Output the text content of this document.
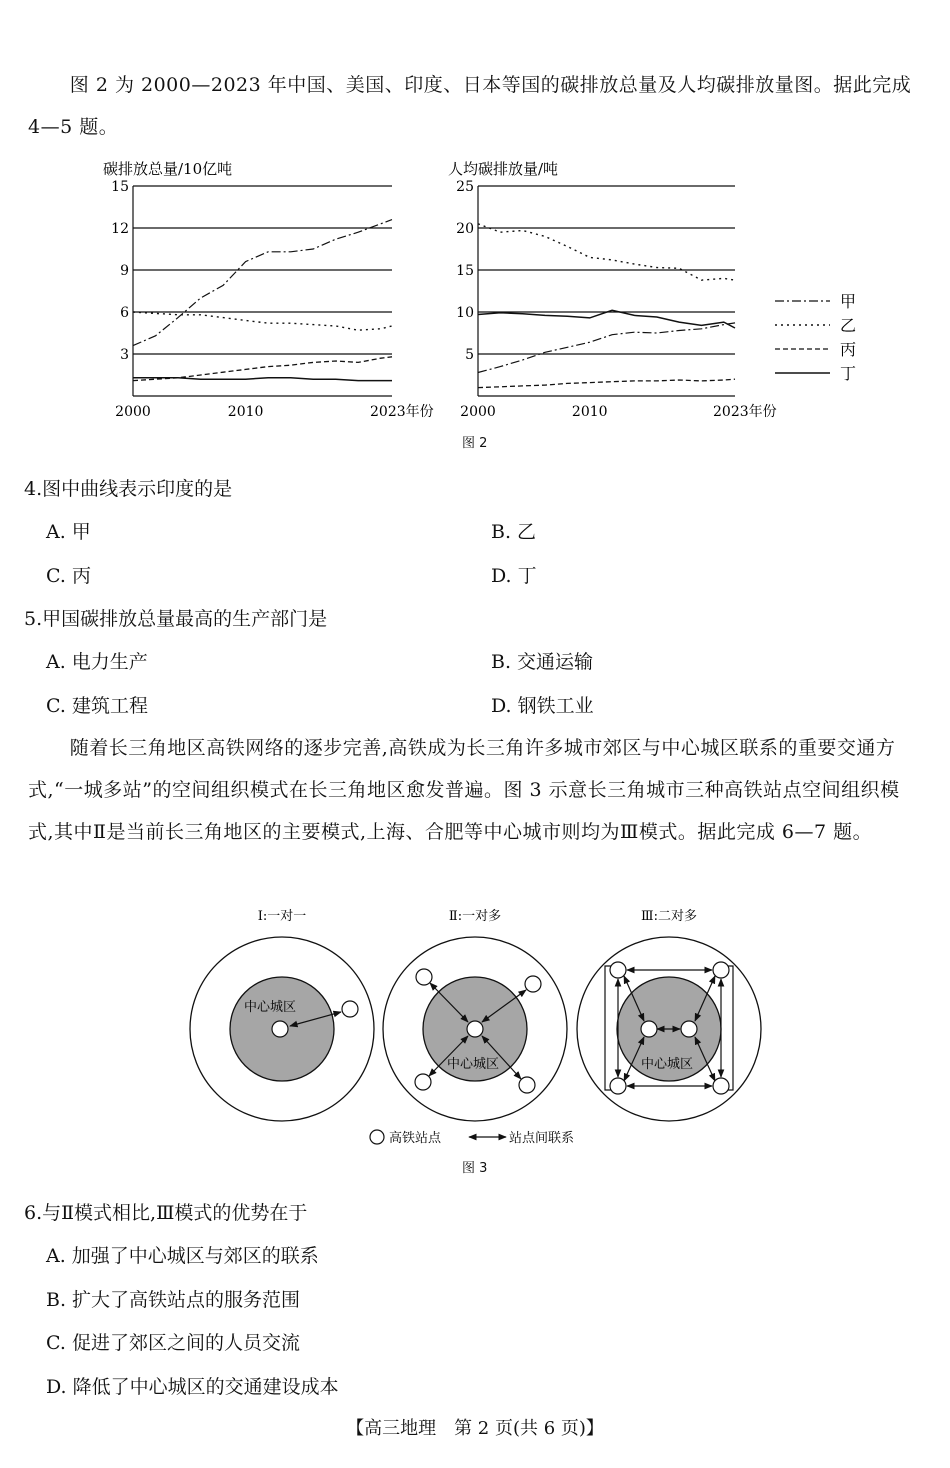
图 2 为 2000—2023 年中国、美国、印度、日本等国的碳排放总量及人均碳排放量图。据此完成 4—5 题。
碳排放总量/10亿吨
3
6
9
12
15
2000	2010	2023年份
人均碳排放量/吨
5
10
15
20
25
2000	2010	2023年份
甲
乙
丙
丁
图 2
4.图中曲线表示印度的是
A. 甲	B. 乙
C. 丙	D. 丁
5.甲国碳排放总量最高的生产部门是
A. 电力生产	B. 交通运输
C. 建筑工程	D. 钢铁工业
随着长三角地区高铁网络的逐步完善,高铁成为长三角许多城市郊区与中心城区联系的重要交通方式,“一城多站”的空间组织模式在长三角地区愈发普遍。图 3 示意长三角城市三种高铁站点空间组织模式,其中Ⅱ是当前长三角地区的主要模式,上海、合肥等中心城市则均为Ⅲ模式。据此完成 6—7 题。
Ⅰ:一对一
中心城区
Ⅱ:一对多
中心城区
Ⅲ:二对多
中心城区
高铁站点	站点间联系
图 3
6.与Ⅱ模式相比,Ⅲ模式的优势在于
A. 加强了中心城区与郊区的联系
B. 扩大了高铁站点的服务范围
C. 促进了郊区之间的人员交流
D. 降低了中心城区的交通建设成本
【高三地理　第 2 页(共 6 页)】
